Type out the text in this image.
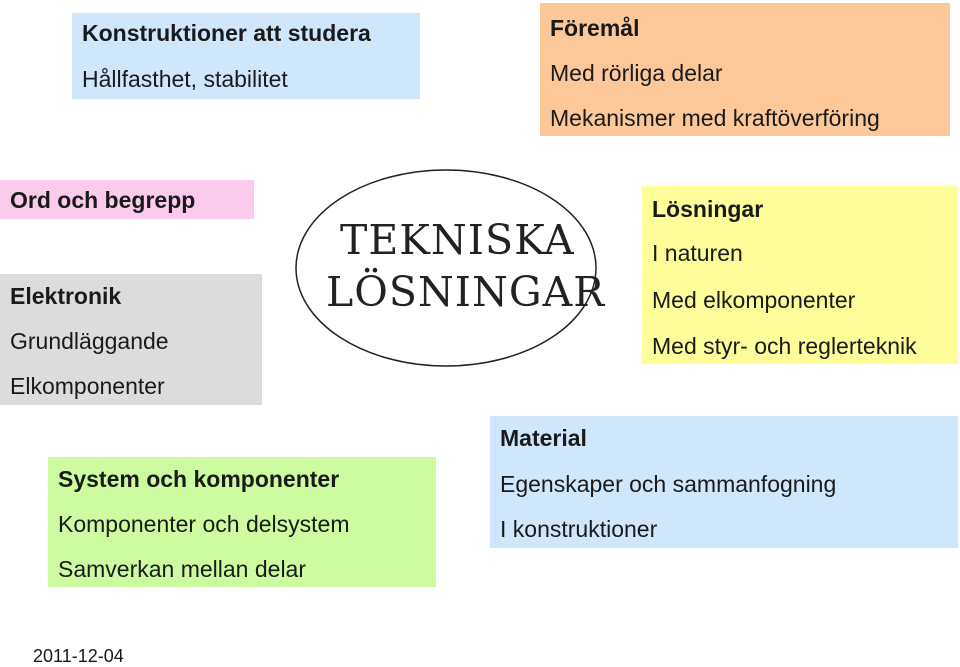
Konstruktioner att studera
Hållfasthet, stabilitet
Föremål
Med rörliga delar
Mekanismer med kraftöverföring
Ord och begrepp
Elektronik
Grundläggande
Elkomponenter
TEKNISKA
LÖSNINGAR
Lösningar
I naturen
Med elkomponenter
Med styr- och reglerteknik
Material
Egenskaper och sammanfogning
I konstruktioner
System och komponenter
Komponenter och delsystem
Samverkan mellan delar
2011-12-04
